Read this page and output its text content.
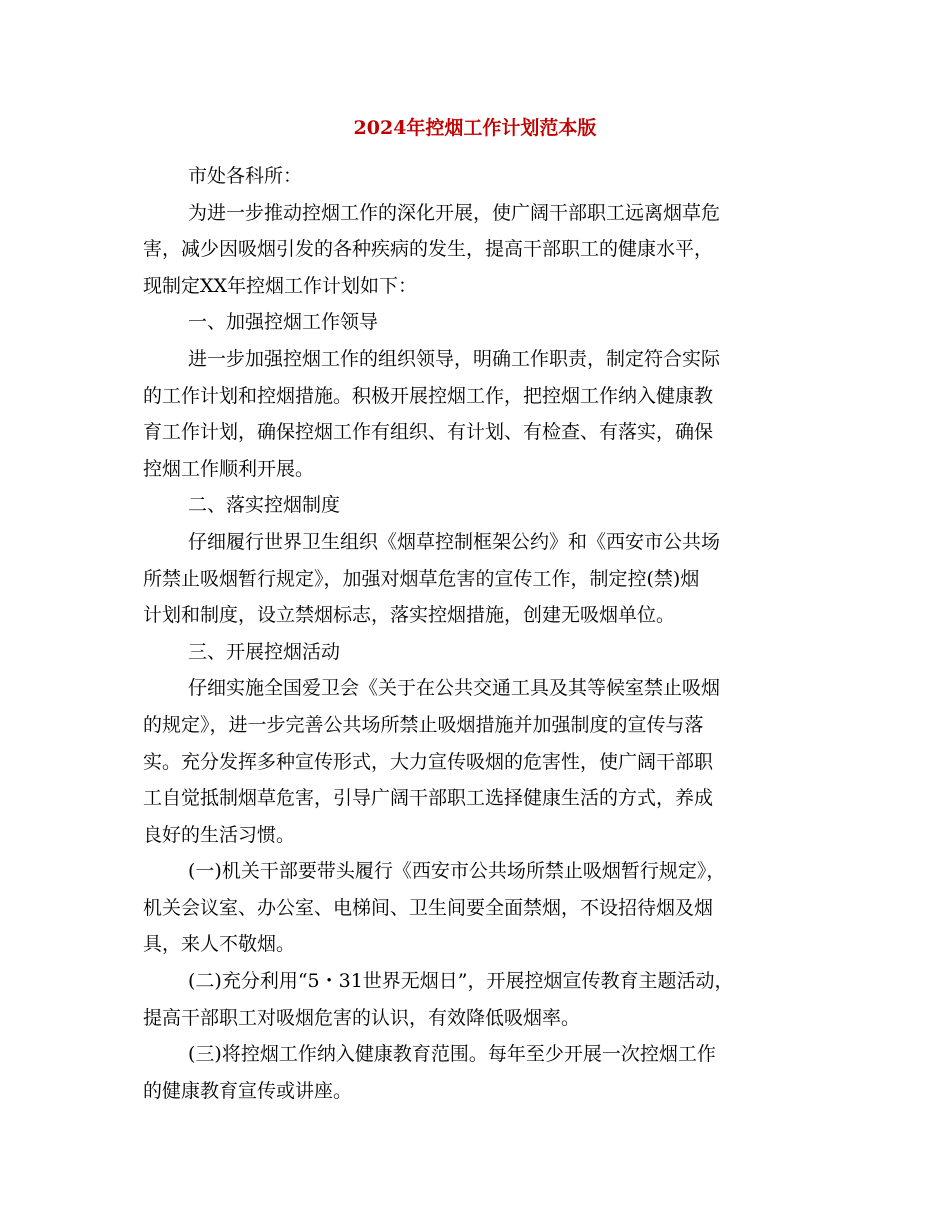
2024年控烟工作计划范本版
市处各科所：
为进一步推动控烟工作的深化开展，使广阔干部职工远离烟草危
害，减少因吸烟引发的各种疾病的发生，提高干部职工的健康水平，
现制定XX年控烟工作计划如下：
一、加强控烟工作领导
进一步加强控烟工作的组织领导，明确工作职责，制定符合实际
的工作计划和控烟措施。积极开展控烟工作，把控烟工作纳入健康教
育工作计划，确保控烟工作有组织、有计划、有检查、有落实，确保
控烟工作顺利开展。
二、落实控烟制度
仔细履行世界卫生组织《烟草控制框架公约》和《西安市公共场
所禁止吸烟暂行规定》，加强对烟草危害的宣传工作，制定控(禁)烟
计划和制度，设立禁烟标志，落实控烟措施，创建无吸烟单位。
三、开展控烟活动
仔细实施全国爱卫会《关于在公共交通工具及其等候室禁止吸烟
的规定》，进一步完善公共场所禁止吸烟措施并加强制度的宣传与落
实。充分发挥多种宣传形式，大力宣传吸烟的危害性，使广阔干部职
工自觉抵制烟草危害，引导广阔干部职工选择健康生活的方式，养成
良好的生活习惯。
(一)机关干部要带头履行《西安市公共场所禁止吸烟暂行规定》，
机关会议室、办公室、电梯间、卫生间要全面禁烟，不设招待烟及烟
具，来人不敬烟。
(二)充分利用“5・31世界无烟日”，开展控烟宣传教育主题活动，
提高干部职工对吸烟危害的认识，有效降低吸烟率。
(三)将控烟工作纳入健康教育范围。每年至少开展一次控烟工作
的健康教育宣传或讲座。
